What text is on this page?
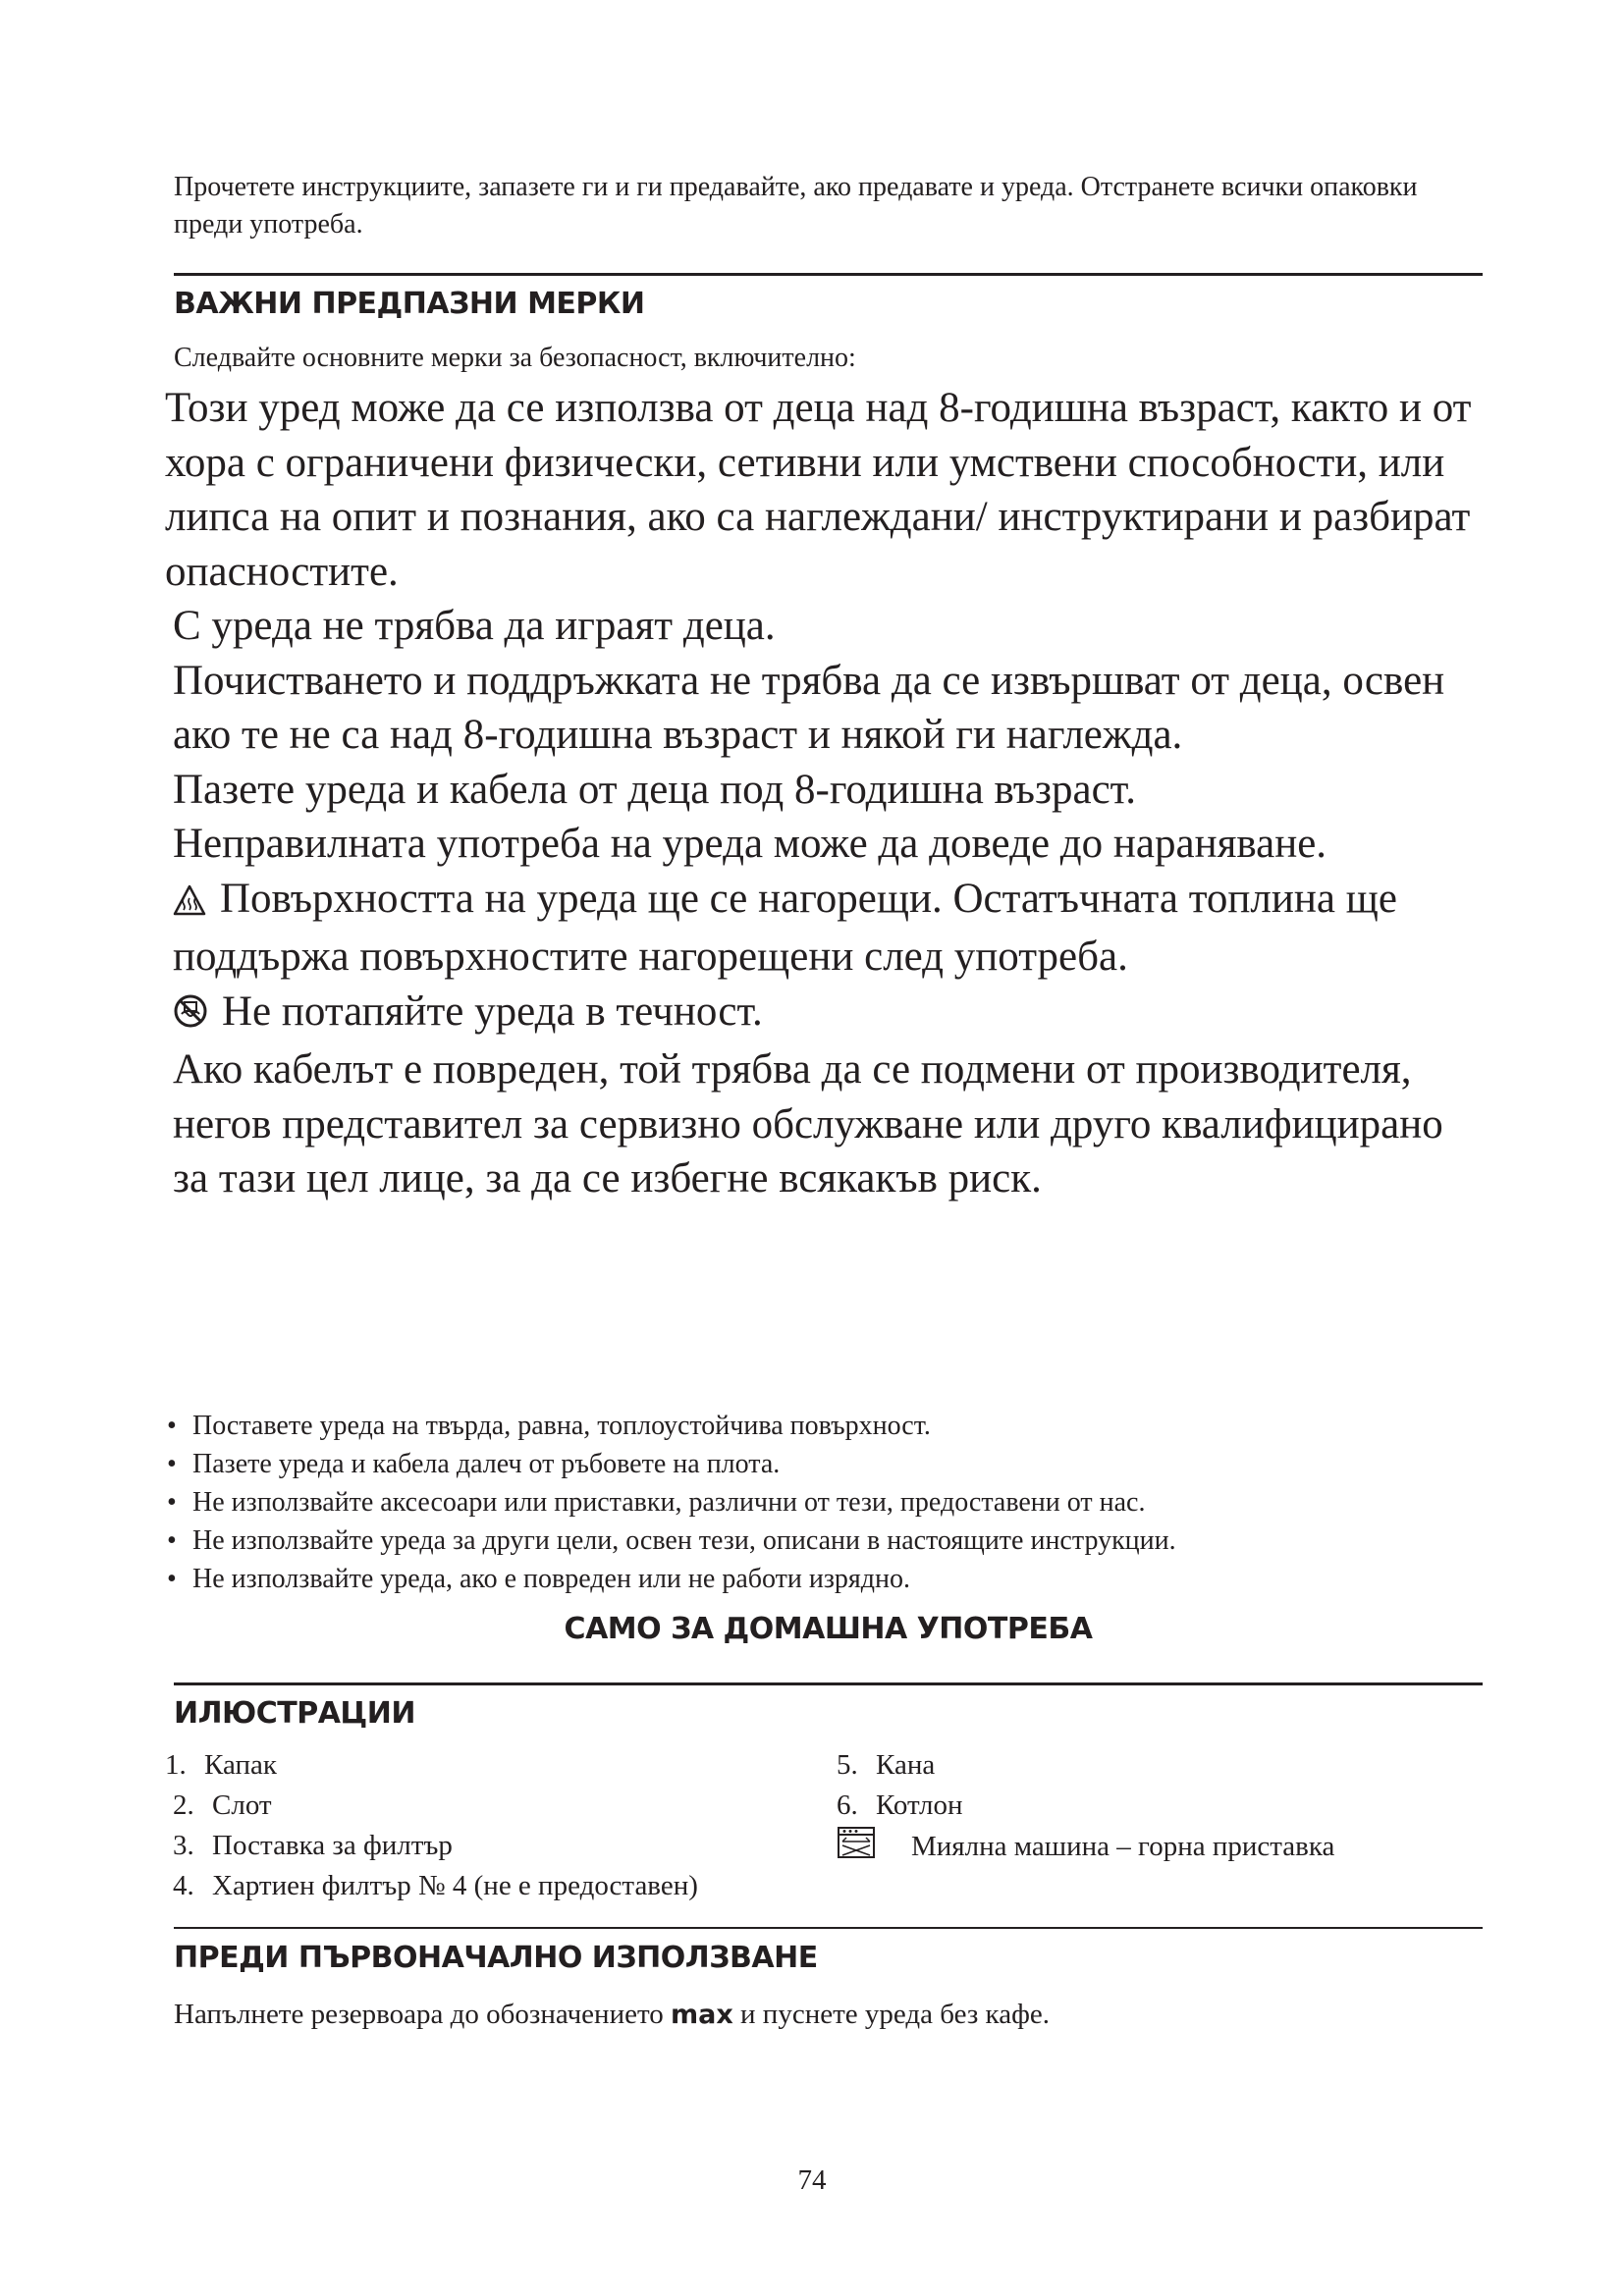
Прочетете инструкциите, запазете ги и ги предавайте, ако предавате и уреда. Отстранете всички опаковки преди употреба.
ВАЖНИ ПРЕДПАЗНИ МЕРКИ
Следвайте основните мерки за безопасност, включително:

Този уред може да се използва от деца над 8-годишна възраст, както и от хора с ограничени физически, сетивни или умствени способности, или липса на опит и познания, ако са наглеждани/ инструктирани и разбират опасностите.

С уреда не трябва да играят деца.

Почистването и поддръжката не трябва да се извършват от деца, освен ако те не са над 8-годишна възраст и някой ги наглежда.

Пазете уреда и кабела от деца под 8-годишна възраст.

Неправилната употреба на уреда може да доведе до нараняване.

Повърхността на уреда ще се нагорещи. Остатъчната топлина ще поддържа повърхностите нагорещени след употреба.

Не потапяйте уреда в течност.

Ако кабелът е повреден, той трябва да се подмени от производителя, негов представител за сервизно обслужване или друго квалифицирано за тази цел лице, за да се избегне всякакъв риск.

• Поставете уреда на твърда, равна, топлоустойчива повърхност.
• Пазете уреда и кабела далеч от ръбовете на плота.
• Не използвайте аксесоари или приставки, различни от тези, предоставени от нас.
• Не използвайте уреда за други цели, освен тези, описани в настоящите инструкции.
• Не използвайте уреда, ако е повреден или не работи изрядно.
САМО ЗА ДОМАШНА УПОТРЕБА
ИЛЮСТРАЦИИ
1. Капак
2. Слот
3. Поставка за филтър
4. Хартиен филтър № 4 (не е предоставен)
5. Кана
6. Котлон
Миялна машина – горна приставка
ПРЕДИ ПЪРВОНАЧАЛНО ИЗПОЛЗВАНЕ
Напълнете резервоара до обозначението max и пуснете уреда без кафе.
74
